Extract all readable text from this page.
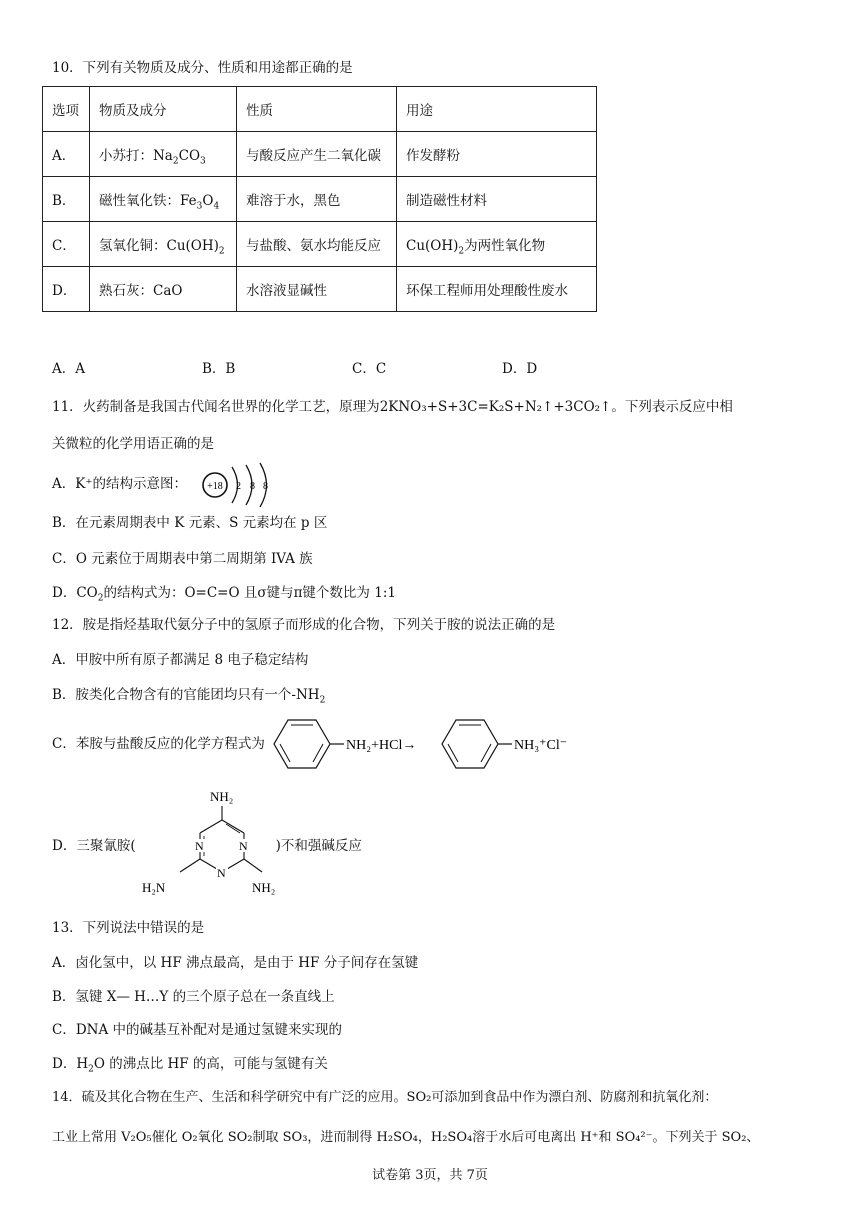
10．下列有关物质及成分、性质和用途都正确的是
选项	物质及成分	性质	用途
A．	小苏打：$Na_2CO_3$	与酸反应产生二氧化碳	作发酵粉
B．	磁性氧化铁：$Fe_3O_4$	难溶于水，黑色	制造磁性材料
C．	氢氧化铜：$Cu(OH)_2$	与盐酸、氨水均能反应	$Cu(OH)_2$为两性氧化物
D．	熟石灰：CaO	水溶液显碱性	环保工程师用处理酸性废水
A．A	B．B	C．C	D．D
11．火药制备是我国古代闻名世界的化学工艺，原理为2KNO₃+S+3C=K₂S+N₂↑+3CO₂↑。下列表示反应中相
关微粒的化学用语正确的是
A．K⁺的结构示意图： +18 2 8 8
B．在元素周期表中 K 元素、S 元素均在 p 区
C．O 元素位于周期表中第二周期第 IVA 族
D．$CO_2$的结构式为：O=C=O 且σ键与π键个数比为 1:1
12．胺是指烃基取代氨分子中的氢原子而形成的化合物，下列关于胺的说法正确的是
A．甲胺中所有原子都满足 8 电子稳定结构
B．胺类化合物含有的官能团均只有一个$-NH_2$
C．苯胺与盐酸反应的化学方程式为	NH₂+HCl→	NH₃⁺Cl⁻
D．三聚氰胺(	)不和强碱反应
NH₂
N	N
N
H₂N	NH₂
13．下列说法中错误的是
A．卤化氢中，以 HF 沸点最高，是由于 HF 分子间存在氢键
B．氢键 X— H…Y 的三个原子总在一条直线上
C．DNA 中的碱基互补配对是通过氢键来实现的
D．$H_2O$ 的沸点比 HF 的高，可能与氢键有关
14．硫及其化合物在生产、生活和科学研究中有广泛的应用。SO₂可添加到食品中作为漂白剂、防腐剂和抗氧化剂：
工业上常用 V₂O₅催化 O₂氧化 SO₂制取 SO₃，进而制得 H₂SO₄，H₂SO₄溶于水后可电离出 H⁺和 SO₄²⁻。下列关于 SO₂、
试卷第 3页，共 7页
